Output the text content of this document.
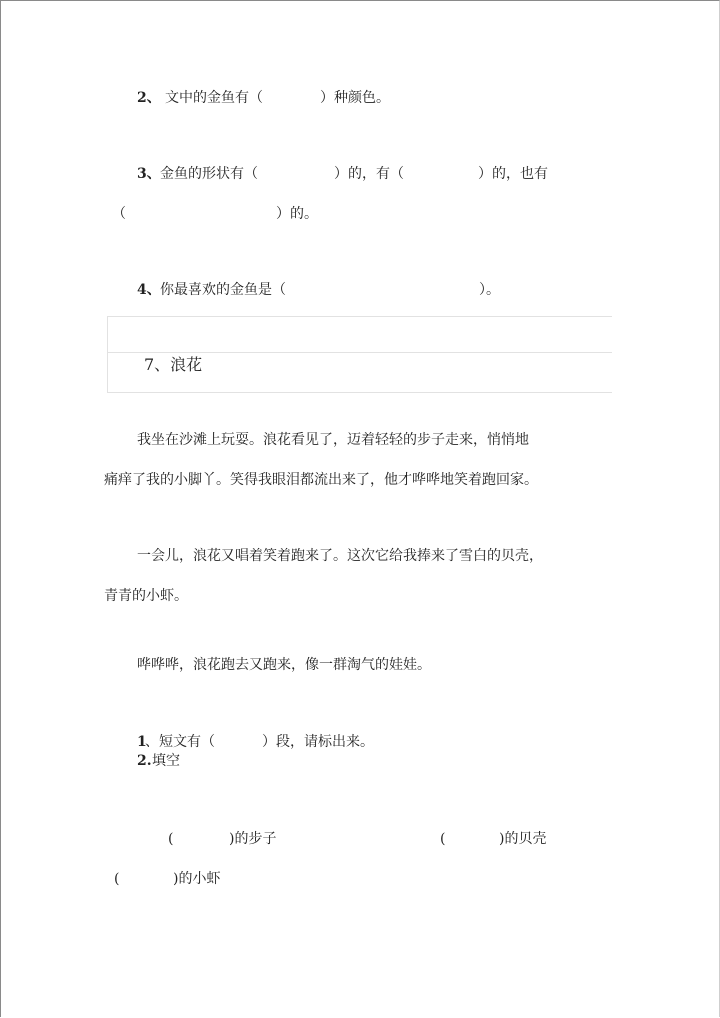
2、 文中的金鱼有（	）种颜色。
3、 金鱼的形状有（	）的，有（	）的，也有
（	）的。
4、 你最喜欢的金鱼是（	）。
7、浪花
我坐在沙滩上玩耍。浪花看见了，迈着轻轻的步子走来，悄悄地
痛痒了我的小脚丫。笑得我眼泪都流出来了，他才哗哗地笑着跑回家。
一会儿，浪花又唱着笑着跑来了。这次它给我捧来了雪白的贝壳，
青青的小虾。
哗哗哗，浪花跑去又跑来，像一群淘气的娃娃。
1
、短文有（	）段，请标出来。
2. 填空
(	)的步子	(	)的贝壳
(	)的小虾
